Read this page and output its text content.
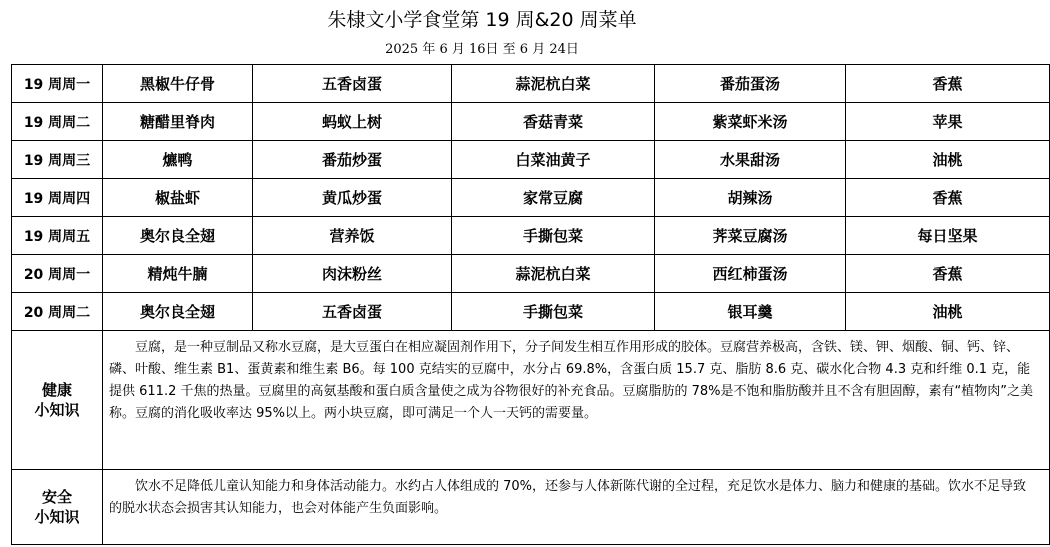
朱棣文小学食堂第 19 周&20 周菜单
2025 年 6 月 16日 至 6 月 24日
19 周周一	黑椒牛仔骨	五香卤蛋	蒜泥杭白菜	番茄蛋汤	香蕉
19 周周二	糖醋里脊肉	蚂蚁上树	香菇青菜	紫菜虾米汤	苹果
19 周周三	爊鸭	番茄炒蛋	白菜油黄子	水果甜汤	油桃
19 周周四	椒盐虾	黄瓜炒蛋	家常豆腐	胡辣汤	香蕉
19 周周五	奥尔良全翅	营养饭	手撕包菜	荠菜豆腐汤	每日坚果
20 周周一	精炖牛腩	肉沫粉丝	蒜泥杭白菜	西红柿蛋汤	香蕉
20 周周二	奥尔良全翅	五香卤蛋	手撕包菜	银耳羹	油桃

健康
小知识	豆腐，是一种豆制品又称水豆腐，是大豆蛋白在相应凝固剂作用下，分子间发生相互作用形成的胶体。豆腐营养极高，含铁、镁、钾、烟酸、铜、钙、锌、磷、叶酸、维生素 B1、蛋黄素和维生素 B6。每 100 克结实的豆腐中，水分占 69.8%，含蛋白质 15.7 克、脂肪 8.6 克、碳水化合物 4.3 克和纤维 0.1 克，能提供 611.2 千焦的热量。豆腐里的高氨基酸和蛋白质含量使之成为谷物很好的补充食品。豆腐脂肪的 78%是不饱和脂肪酸并且不含有胆固醇，素有“植物肉”之美称。豆腐的消化吸收率达 95%以上。两小块豆腐，即可满足一个人一天钙的需要量。				

安全
小知识	饮水不足降低儿童认知能力和身体活动能力。水约占人体组成的 70%，还参与人体新陈代谢的全过程，充足饮水是体力、脑力和健康的基础。饮水不足导致的脱水状态会损害其认知能力，也会对体能产生负面影响。				
